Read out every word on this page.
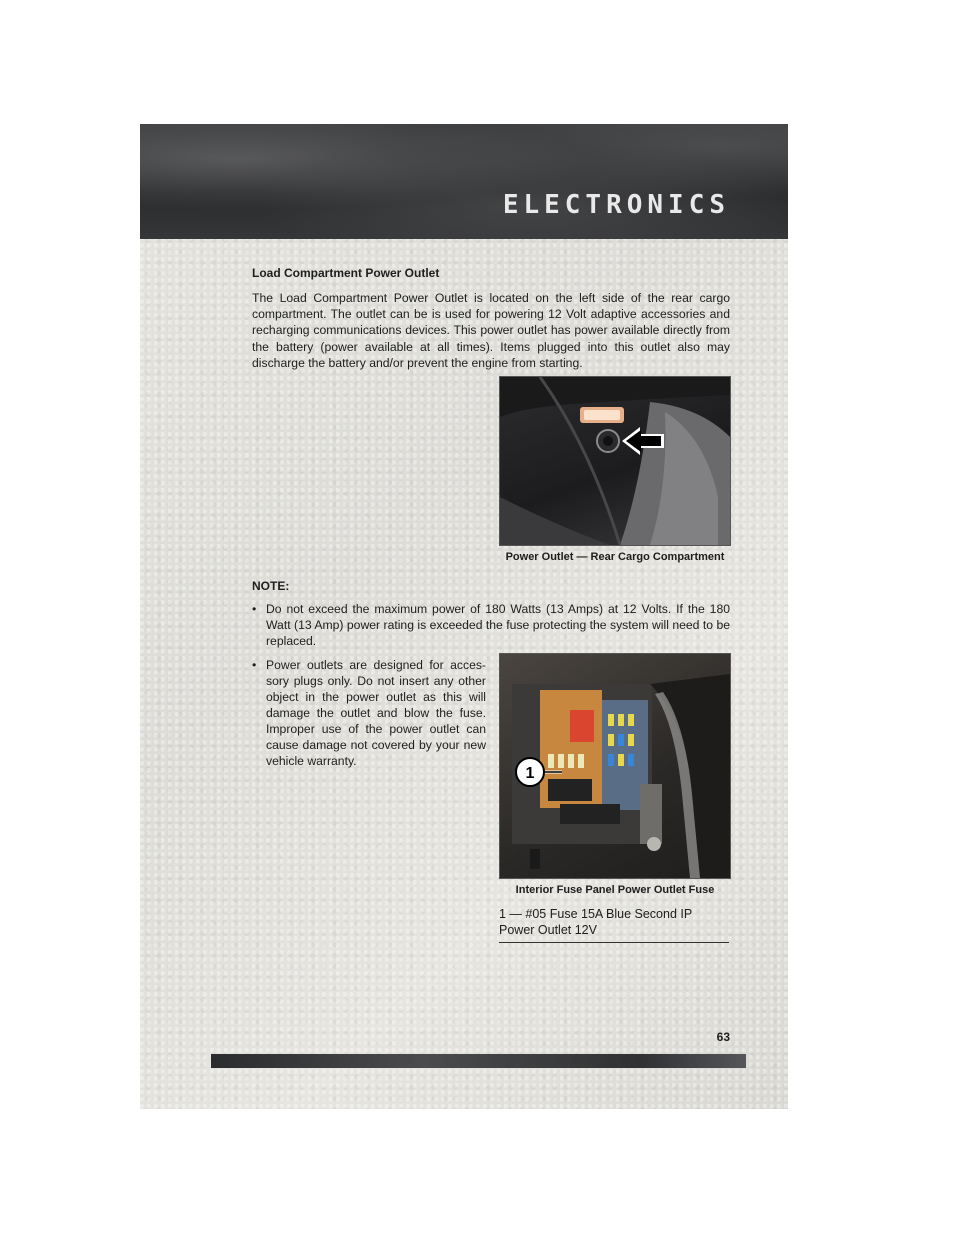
ELECTRONICS
Load Compartment Power Outlet

The Load Compartment Power Outlet is located on the left side of the rear cargo compartment. The outlet can be is used for powering 12 Volt adaptive accessories and recharging communications devices. This power outlet has power available directly from the battery (power available at all times). Items plugged into this outlet also may discharge the battery and/or prevent the engine from starting.

Power Outlet — Rear Cargo Compartment

NOTE:

• Do not exceed the maximum power of 180 Watts (13 Amps) at 12 Volts. If the 180 Watt (13 Amp) power rating is exceeded the fuse protecting the system will need to be replaced.
• Power outlets are designed for acces- sory plugs only. Do not insert any other object in the power outlet as this will damage the outlet and blow the fuse. Improper use of the power outlet can cause damage not covered by your new vehicle warranty.
1

Interior Fuse Panel Power Outlet Fuse

1 — #05 Fuse 15A Blue Second IP Power Outlet 12V

63
